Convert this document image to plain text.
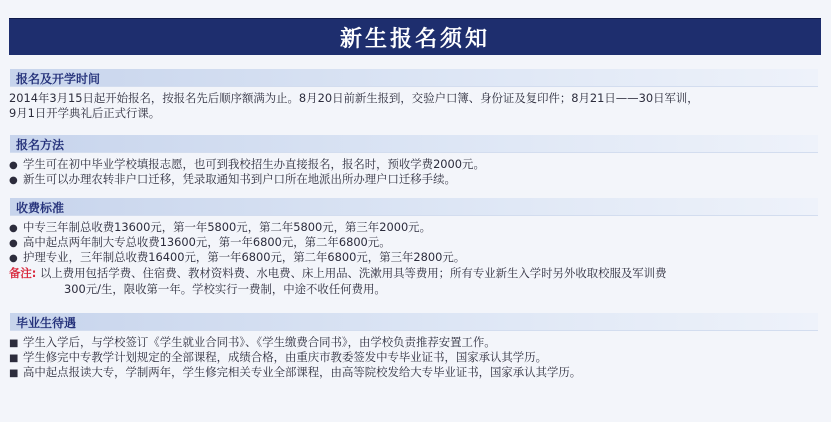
新生报名须知
报名及开学时间
2014年3月15日起开始报名，按报名先后顺序额满为止。8月20日前新生报到，交验户口簿、身份证及复印件；8月21日——30日军训，
9月1日开学典礼后正式行课。
报名方法
● 学生可在初中毕业学校填报志愿，也可到我校招生办直接报名，报名时，预收学费2000元。
● 新生可以办理农转非户口迁移，凭录取通知书到户口所在地派出所办理户口迁移手续。
收费标准
● 中专三年制总收费13600元，第一年5800元，第二年5800元，第三年2000元。
● 高中起点两年制大专总收费13600元，第一年6800元，第二年6800元。
● 护理专业，三年制总收费16400元，第一年6800元，第二年6800元，第三年2800元。
备注: 以上费用包括学费、住宿费、教材资料费、水电费、床上用品、洗漱用具等费用；所有专业新生入学时另外收取校服及军训费
300元/生，限收第一年。学校实行一费制，中途不收任何费用。
毕业生待遇
■ 学生入学后，与学校签订《学生就业合同书》、《学生缴费合同书》，由学校负责推荐安置工作。
■ 学生修完中专教学计划规定的全部课程，成绩合格，由重庆市教委签发中专毕业证书，国家承认其学历。
■ 高中起点报读大专，学制两年，学生修完相关专业全部课程，由高等院校发给大专毕业证书，国家承认其学历。
